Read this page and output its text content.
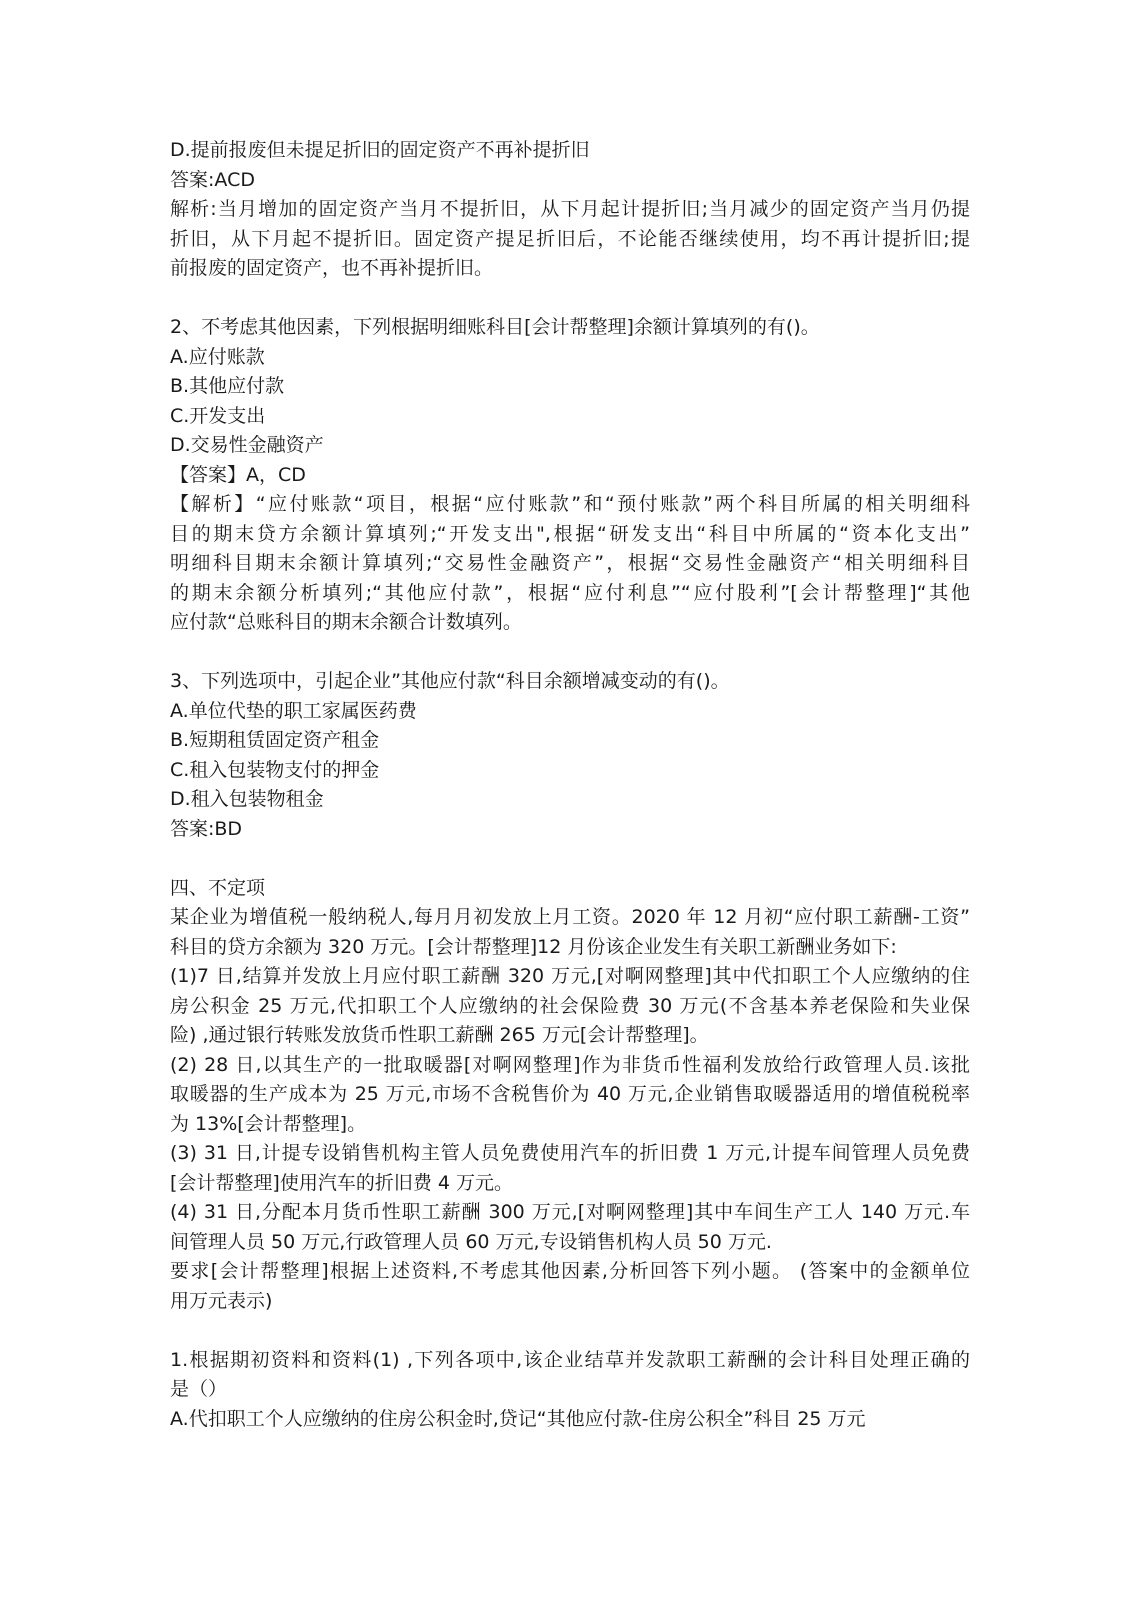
D.提前报废但未提足折旧的固定资产不再补提折旧
答案:ACD
解析:当月增加的固定资产当月不提折旧，从下月起计提折旧;当月减少的固定资产当月仍提
折旧，从下月起不提折旧。固定资产提足折旧后，不论能否继续使用，均不再计提折旧;提
前报废的固定资产，也不再补提折旧。
2、不考虑其他因素，下列根据明细账科目[会计帮整理]余额计算填列的有()。
A.应付账款
B.其他应付款
C.开发支出
D.交易性金融资产
【答案】A，CD
【解析】“应付账款“项目，根据“应付账款”和“预付账款”两个科目所属的相关明细科
目的期末贷方余额计算填列;“开发支出",根据“研发支出“科目中所属的“资本化支出”
明细科目期末余额计算填列;“交易性金融资产”，根据“交易性金融资产“相关明细科目
的期末余额分析填列;“其他应付款”，根据“应付利息”“应付股利”[会计帮整理]“其他
应付款“总账科目的期末余额合计数填列。
3、下列选项中，引起企业”其他应付款“科目余额增减变动的有()。
A.单位代垫的职工家属医药费
B.短期租赁固定资产租金
C.租入包装物支付的押金
D.租入包装物租金
答案:BD
四、不定项
某企业为增值税一般纳税人,每月月初发放上月工资。2020 年 12 月初“应付职工薪酬-工资”
科目的贷方余额为 320 万元。[会计帮整理]12 月份该企业发生有关职工新酬业务如下:
(1)7 日,结算并发放上月应付职工薪酬 320 万元,[对啊网整理]其中代扣职工个人应缴纳的住
房公积金 25 万元,代扣职工个人应缴纳的社会保险费 30 万元(不含基本养老保险和失业保
险) ,通过银行转账发放货币性职工薪酬 265 万元[会计帮整理]。
(2) 28 日,以其生产的一批取暖器[对啊网整理]作为非货币性福利发放给行政管理人员.该批
取暖器的生产成本为 25 万元,市场不含税售价为 40 万元,企业销售取暖器适用的增值税税率
为 13%[会计帮整理]。
(3) 31 日,计提专设销售机构主管人员免费使用汽车的折旧费 1 万元,计提车间管理人员免费
[会计帮整理]使用汽车的折旧费 4 万元。
(4) 31 日,分配本月货币性职工薪酬 300 万元,[对啊网整理]其中车间生产工人 140 万元.车
间管理人员 50 万元,行政管理人员 60 万元,专设销售机构人员 50 万元.
要求[会计帮整理]根据上述资料,不考虑其他因素,分析回答下列小题。 (答案中的金额单位
用万元表示)
1.根据期初资料和资料(1) ,下列各项中,该企业结草并发款职工薪酬的会计科目处理正确的
是（）
A.代扣职工个人应缴纳的住房公积金时,贷记“其他应付款-住房公积全”科目 25 万元
